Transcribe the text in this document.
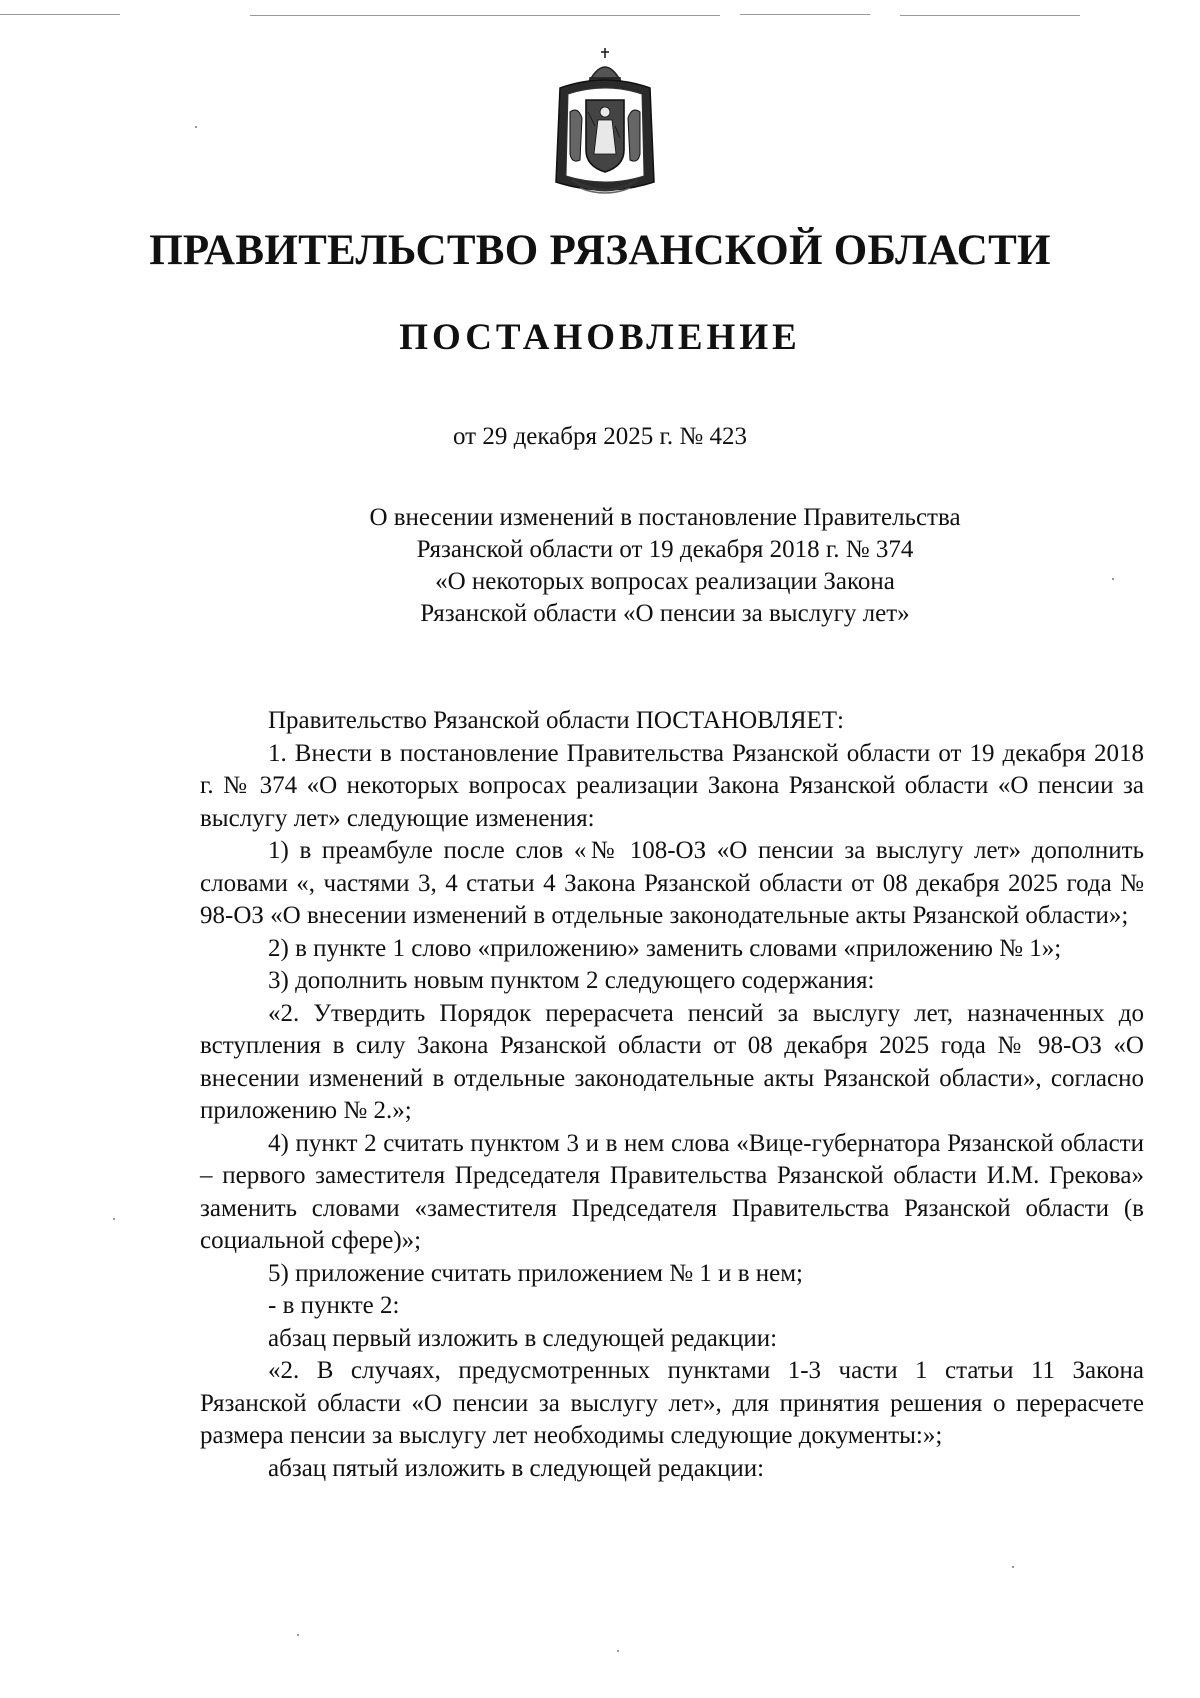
ПРАВИТЕЛЬСТВО РЯЗАНСКОЙ ОБЛАСТИ
ПОСТАНОВЛЕНИЕ
от 29 декабря 2025 г. № 423
О внесении изменений в постановление Правительства
Рязанской области от 19 декабря 2018 г. № 374
«О некоторых вопросах реализации Закона
Рязанской области «О пенсии за выслугу лет»

Правительство Рязанской области ПОСТАНОВЛЯЕТ:

1. Внести в постановление Правительства Рязанской области от 19 декабря 2018 г. № 374 «О некоторых вопросах реализации Закона Рязанской области «О пенсии за выслугу лет» следующие изменения:

1) в преамбуле после слов «№ 108-ОЗ «О пенсии за выслугу лет» дополнить словами «, частями 3, 4 статьи 4 Закона Рязанской области от 08 декабря 2025 года № 98-ОЗ «О внесении изменений в отдельные законодательные акты Рязанской области»;

2) в пункте 1 слово «приложению» заменить словами «приложению № 1»;

3) дополнить новым пунктом 2 следующего содержания:

«2. Утвердить Порядок перерасчета пенсий за выслугу лет, назначенных до вступления в силу Закона Рязанской области от 08 декабря 2025 года № 98-ОЗ «О внесении изменений в отдельные законодательные акты Рязанской области», согласно приложению № 2.»;

4) пункт 2 считать пунктом 3 и в нем слова «Вице-губернатора Рязанской области – первого заместителя Председателя Правительства Рязанской области И.М. Грекова» заменить словами «заместителя Председателя Правительства Рязанской области (в социальной сфере)»;

5) приложение считать приложением № 1 и в нем;

- в пункте 2:

абзац первый изложить в следующей редакции:

«2. В случаях, предусмотренных пунктами 1-3 части 1 статьи 11 Закона Рязанской области «О пенсии за выслугу лет», для принятия решения о перерасчете размера пенсии за выслугу лет необходимы следующие документы:»;

абзац пятый изложить в следующей редакции:
